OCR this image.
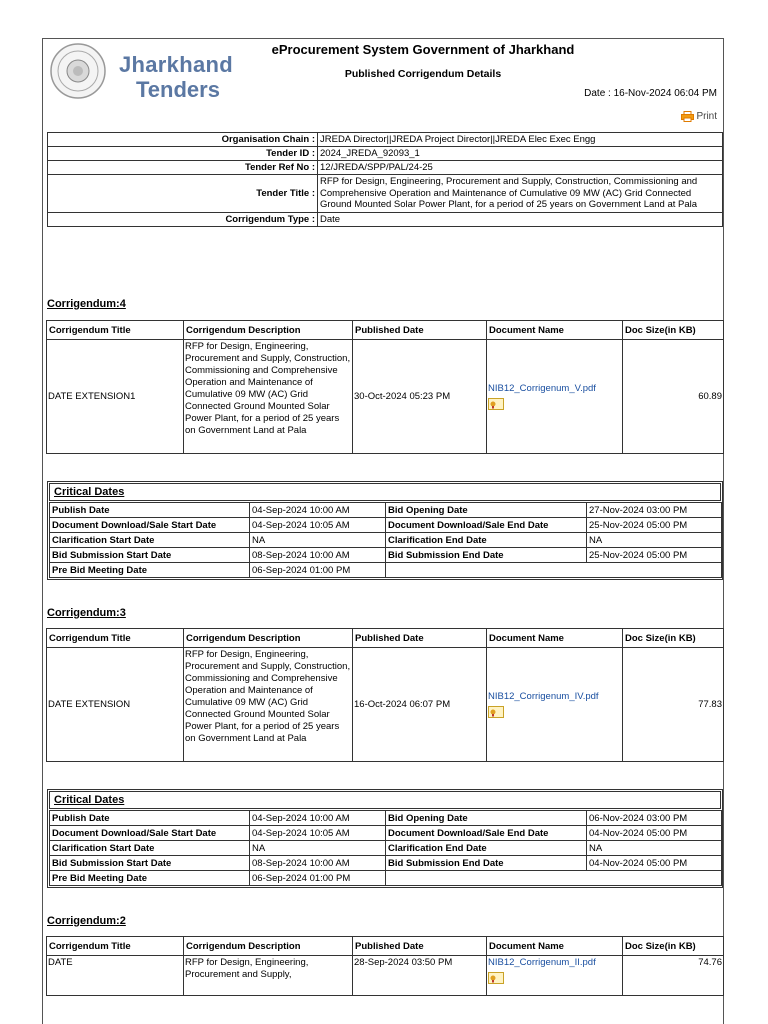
Jharkhand
Tenders
eProcurement System Government of Jharkhand
Published Corrigendum Details
Date : 16-Nov-2024 06:04 PM
Print
Organisation Chain :	JREDA Director||JREDA Project Director||JREDA Elec Exec Engg
Tender ID :	2024_JREDA_92093_1
Tender Ref No :	12/JREDA/SPP/PAL/24-25
Tender Title :	RFP for Design, Engineering, Procurement and Supply, Construction, Commissioning and Comprehensive Operation and Maintenance of Cumulative 09 MW (AC) Grid Connected Ground Mounted Solar Power Plant, for a period of 25 years on Government Land at Pala
Corrigendum Type :	Date
Corrigendum:4
Corrigendum Title	Corrigendum Description	Published Date	Document Name	Doc Size(in KB)
DATE EXTENSION1	RFP for Design, Engineering, Procurement and Supply, Construction, Commissioning and Comprehensive Operation and Maintenance of Cumulative 09 MW (AC) Grid Connected Ground Mounted Solar Power Plant, for a period of 25 years on Government Land at Pala	30-Oct-2024 05:23 PM	NIB12_Corrigenum_V.pdf	60.89
Critical Dates
Publish Date	04-Sep-2024 10:00 AM	Bid Opening Date	27-Nov-2024 03:00 PM
Document Download/Sale Start Date	04-Sep-2024 10:05 AM	Document Download/Sale End Date	25-Nov-2024 05:00 PM
Clarification Start Date	NA	Clarification End Date	NA
Bid Submission Start Date	08-Sep-2024 10:00 AM	Bid Submission End Date	25-Nov-2024 05:00 PM
Pre Bid Meeting Date	06-Sep-2024 01:00 PM		
Corrigendum:3
Corrigendum Title	Corrigendum Description	Published Date	Document Name	Doc Size(in KB)
DATE EXTENSION	RFP for Design, Engineering, Procurement and Supply, Construction, Commissioning and Comprehensive Operation and Maintenance of Cumulative 09 MW (AC) Grid Connected Ground Mounted Solar Power Plant, for a period of 25 years on Government Land at Pala	16-Oct-2024 06:07 PM	NIB12_Corrigenum_IV.pdf	77.83
Critical Dates
Publish Date	04-Sep-2024 10:00 AM	Bid Opening Date	06-Nov-2024 03:00 PM
Document Download/Sale Start Date	04-Sep-2024 10:05 AM	Document Download/Sale End Date	04-Nov-2024 05:00 PM
Clarification Start Date	NA	Clarification End Date	NA
Bid Submission Start Date	08-Sep-2024 10:00 AM	Bid Submission End Date	04-Nov-2024 05:00 PM
Pre Bid Meeting Date	06-Sep-2024 01:00 PM		
Corrigendum:2
Corrigendum Title	Corrigendum Description	Published Date	Document Name	Doc Size(in KB)
DATE	RFP for Design, Engineering, Procurement and Supply,	28-Sep-2024 03:50 PM	NIB12_Corrigenum_II.pdf	74.76
